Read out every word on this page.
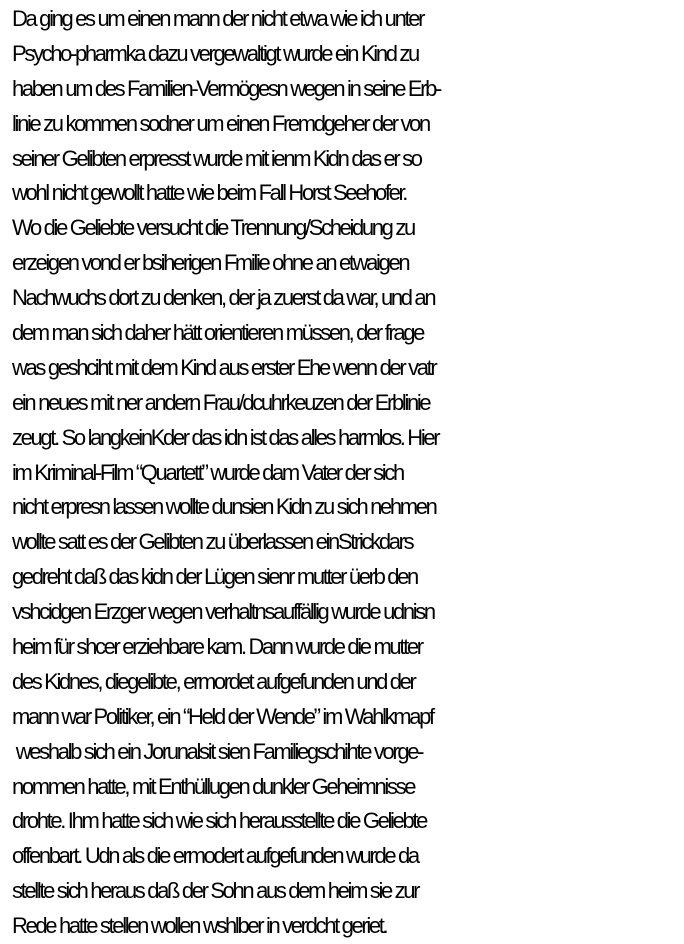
Da ging es um einen mann der nicht etwa wie ich unter
Psycho-pharmka dazu vergewaltigt wurde ein Kind zu
haben um des Familien-Vermögesn wegen in seine Erb-
linie zu kommen sodner um einen Fremdgeher der von
seiner Gelibten erpresst wurde mit ienm Kidn das er so
wohl nicht gewollt hatte wie beim Fall Horst Seehofer.
Wo die Geliebte versucht die Trennung/Scheidung zu
erzeigen vond er bsiherigen Fmilie ohne an etwaigen
Nachwuchs dort zu denken, der ja zuerst da war, und an
dem man sich daher hätt orientieren müssen, der frage
was geshciht mit dem Kind aus erster Ehe wenn der vatr
ein neues mit ner andern Frau/dcuhrkeuzen der Erblinie
zeugt. So langkeinKder das idn ist das alles harmlos. Hier
im Kriminal-Film “Quartett” wurde dam Vater der sich
nicht erpresn lassen wollte dunsien Kidn zu sich nehmen
wollte satt es der Gelibten zu überlassen einStrickdars
gedreht daß das kidn der Lügen sienr mutter üerb den
vshcidgen Erzger wegen verhaltnsauffällig wurde udnisn
heim für shcer erziehbare kam. Dann wurde die mutter
des Kidnes, diegelibte, ermordet aufgefunden und der
mann war Politiker, ein “Held der Wende” im Wahlkmapf
weshalb sich ein Jorunalsit sien Familiegschihte vorge-
nommen hatte, mit Enthüllugen dunkler Geheimnisse
drohte. Ihm hatte sich wie sich herausstellte die Geliebte
offenbart. Udn als die ermodert aufgefunden wurde da
stellte sich heraus daß der Sohn aus dem heim sie zur
Rede hatte stellen wollen wshlber in verdcht geriet.
